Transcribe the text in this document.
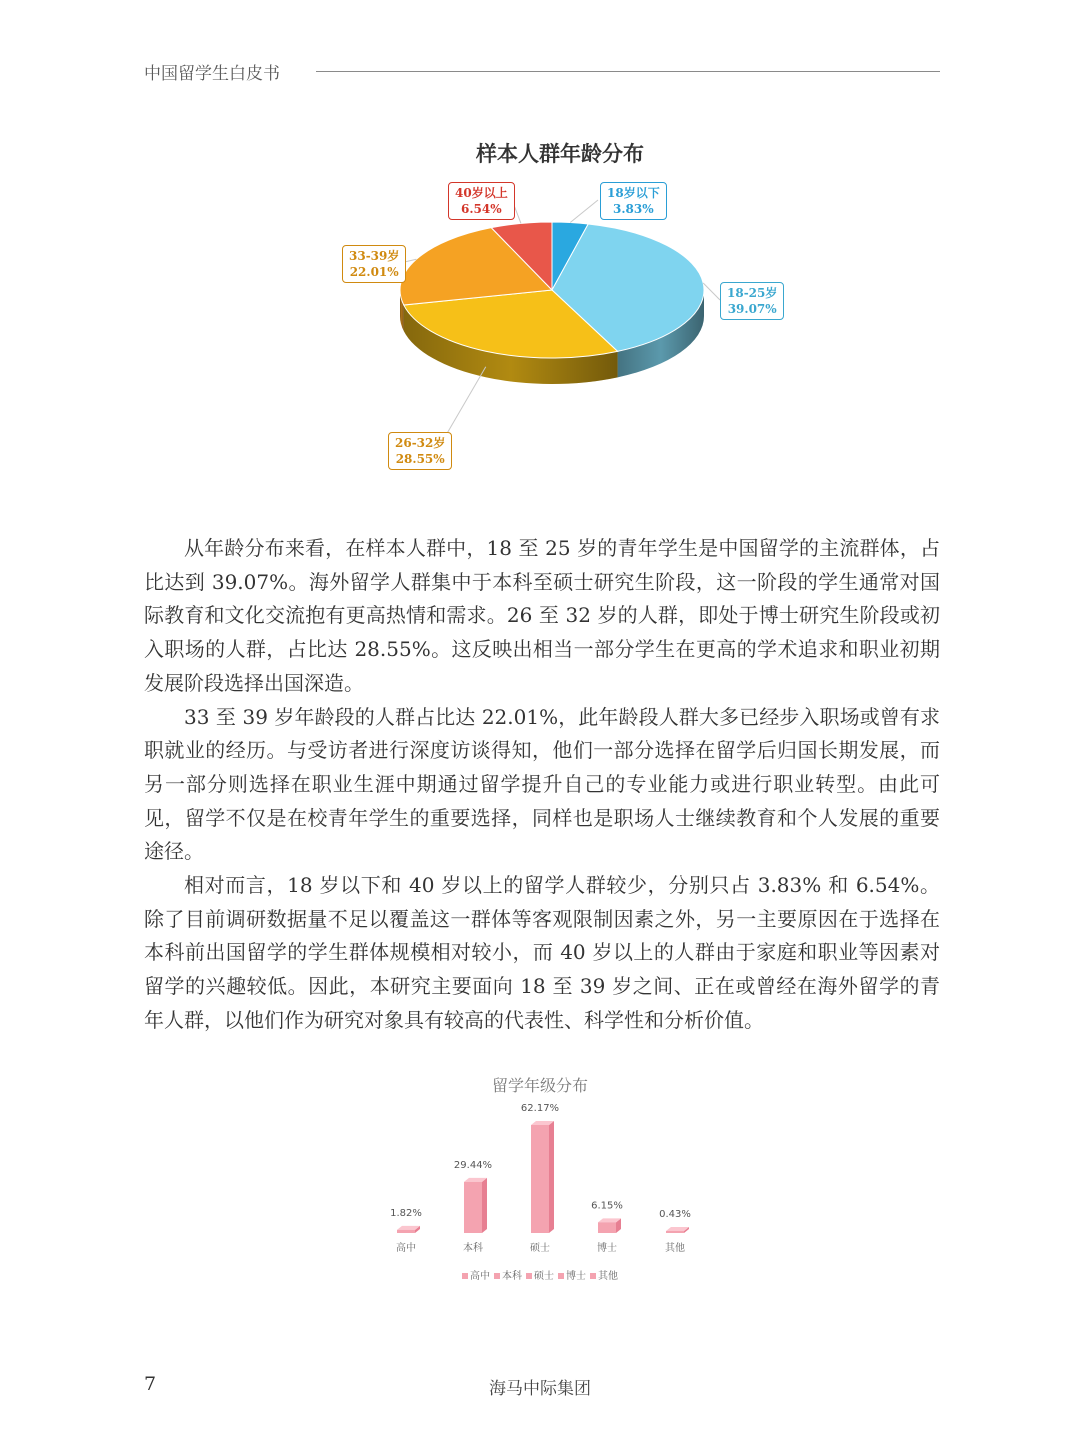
中国留学生白皮书
样本人群年龄分布
18岁以下
3.83%
18-25岁
39.07%
26-32岁
28.55%
33-39岁
22.01%
40岁以上
6.54%

从年龄分布来看，在样本人群中，18 至 25 岁的青年学生是中国留学的主流群体，占比达到 39.07%。海外留学人群集中于本科至硕士研究生阶段，这一阶段的学生通常对国际教育和文化交流抱有更高热情和需求。26 至 32 岁的人群，即处于博士研究生阶段或初入职场的人群，占比达 28.55%。这反映出相当一部分学生在更高的学术追求和职业初期发展阶段选择出国深造。

33 至 39 岁年龄段的人群占比达 22.01%，此年龄段人群大多已经步入职场或曾有求职就业的经历。与受访者进行深度访谈得知，他们一部分选择在留学后归国长期发展，而另一部分则选择在职业生涯中期通过留学提升自己的专业能力或进行职业转型。由此可见，留学不仅是在校青年学生的重要选择，同样也是职场人士继续教育和个人发展的重要途径。

相对而言，18 岁以下和 40 岁以上的留学人群较少，分别只占 3.83% 和 6.54%。除了目前调研数据量不足以覆盖这一群体等客观限制因素之外，另一主要原因在于选择在本科前出国留学的学生群体规模相对较小，而 40 岁以上的人群由于家庭和职业等因素对留学的兴趣较低。因此，本研究主要面向 18 至 39 岁之间、正在或曾经在海外留学的青年人群，以他们作为研究对象具有较高的代表性、科学性和分析价值。

留学年级分布
1.82%
高中
29.44%
本科
62.17%
硕士
6.15%
博士
0.43%
其他
高中 本科 硕士 博士 其他
7	海马中际集团
